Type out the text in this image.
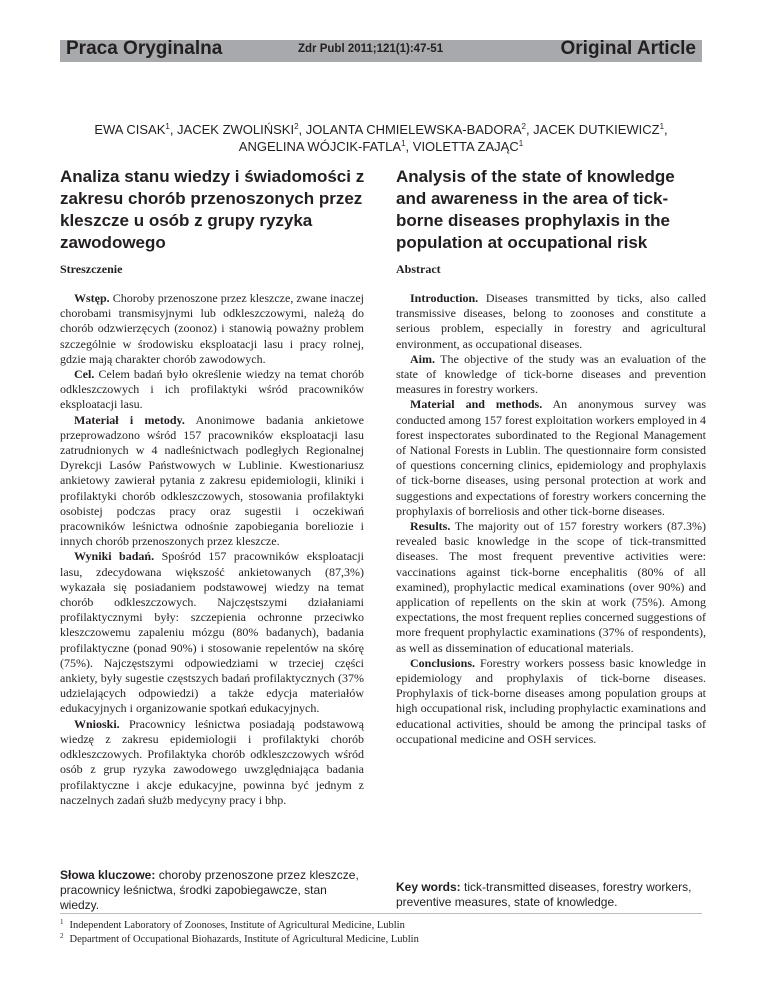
Praca Oryginalna	Zdr Publ 2011;121(1):47-51	Original Article
EWA CISAK$^1$, JACEK ZWOLIŃSKI$^2$, JOLANTA CHMIELEWSKA-BADORA$^2$, JACEK DUTKIEWICZ$^1$,
ANGELINA WÓJCIK-FATLA$^1$, VIOLETTA ZAJĄC$^1$
Analiza stanu wiedzy i świadomości z zakresu chorób przenoszonych przez kleszcze u osób z grupy ryzyka zawodowego
Analysis of the state of knowledge and awareness in the area of tick-borne diseases prophylaxis in the population at occupational risk
Streszczenie	Abstract

Wstęp. Choroby przenoszone przez kleszcze, zwane inaczej chorobami transmisyjnymi lub odkleszczowymi, należą do chorób odzwierzęcych (zoonoz) i stanowią poważny problem szczególnie w środowisku eksploatacji lasu i pracy rolnej, gdzie mają charakter chorób zawodowych.

Cel. Celem badań było określenie wiedzy na temat chorób odkleszczowych i ich profilaktyki wśród pracowników eksploatacji lasu.

Materiał i metody. Anonimowe badania ankietowe przeprowadzono wśród 157 pracowników eksploatacji lasu zatrudnionych w 4 nadleśnictwach podległych Regionalnej Dyrekcji Lasów Państwowych w Lublinie. Kwestionariusz ankietowy zawierał pytania z zakresu epidemiologii, kliniki i profilaktyki chorób odkleszczowych, stosowania profilaktyki osobistej podczas pracy oraz sugestii i oczekiwań pracowników leśnictwa odnośnie zapobiegania boreliozie i innych chorób przenoszonych przez kleszcze.

Wyniki badań. Spośród 157 pracowników eksploatacji lasu, zdecydowana większość ankietowanych (87,3%) wykazała się posiadaniem podstawowej wiedzy na temat chorób odkleszczowych. Najczęstszymi działaniami profilaktycznymi były: szczepienia ochronne przeciwko kleszczowemu zapaleniu mózgu (80% badanych), badania profilaktyczne (ponad 90%) i stosowanie repelentów na skórę (75%). Najczęstszymi odpowiedziami w trzeciej części ankiety, były sugestie częstszych badań profilaktycznych (37% udzielających odpowiedzi) a także edycja materiałów edukacyjnych i organizowanie spotkań edukacyjnych.

Wnioski. Pracownicy leśnictwa posiadają podstawową wiedzę z zakresu epidemiologii i profilaktyki chorób odkleszczowych. Profilaktyka chorób odkleszczowych wśród osób z grup ryzyka zawodowego uwzględniająca badania profilaktyczne i akcje edukacyjne, powinna być jednym z naczelnych zadań służb medycyny pracy i bhp.

Introduction. Diseases transmitted by ticks, also called transmissive diseases, belong to zoonoses and constitute a serious problem, especially in forestry and agricultural environment, as occupational diseases.

Aim. The objective of the study was an evaluation of the state of knowledge of tick-borne diseases and prevention measures in forestry workers.

Material and methods. An anonymous survey was conducted among 157 forest exploitation workers employed in 4 forest inspectorates subordinated to the Regional Management of National Forests in Lublin. The questionnaire form consisted of questions concerning clinics, epidemiology and prophylaxis of tick-borne diseases, using personal protection at work and suggestions and expectations of forestry workers concerning the prophylaxis of borreliosis and other tick-borne diseases.

Results. The majority out of 157 forestry workers (87.3%) revealed basic knowledge in the scope of tick-transmitted diseases. The most frequent preventive activities were: vaccinations against tick-borne encephalitis (80% of all examined), prophylactic medical examinations (over 90%) and application of repellents on the skin at work (75%). Among expectations, the most frequent replies concerned suggestions of more frequent prophylactic examinations (37% of respondents), as well as dissemination of educational materials.

Conclusions. Forestry workers possess basic knowledge in epidemiology and prophylaxis of tick-borne diseases. Prophylaxis of tick-borne diseases among population groups at high occupational risk, including prophylactic examinations and educational activities, should be among the principal tasks of occupational medicine and OSH services.

Słowa kluczowe: choroby przenoszone przez kleszcze, pracownicy leśnictwa, środki zapobiegawcze, stan wiedzy.
Key words: tick-transmitted diseases, forestry workers, preventive measures, state of knowledge.
$^1$ Independent Laboratory of Zoonoses, Institute of Agricultural Medicine, Lublin
$^2$ Department of Occupational Biohazards, Institute of Agricultural Medicine, Lublin
